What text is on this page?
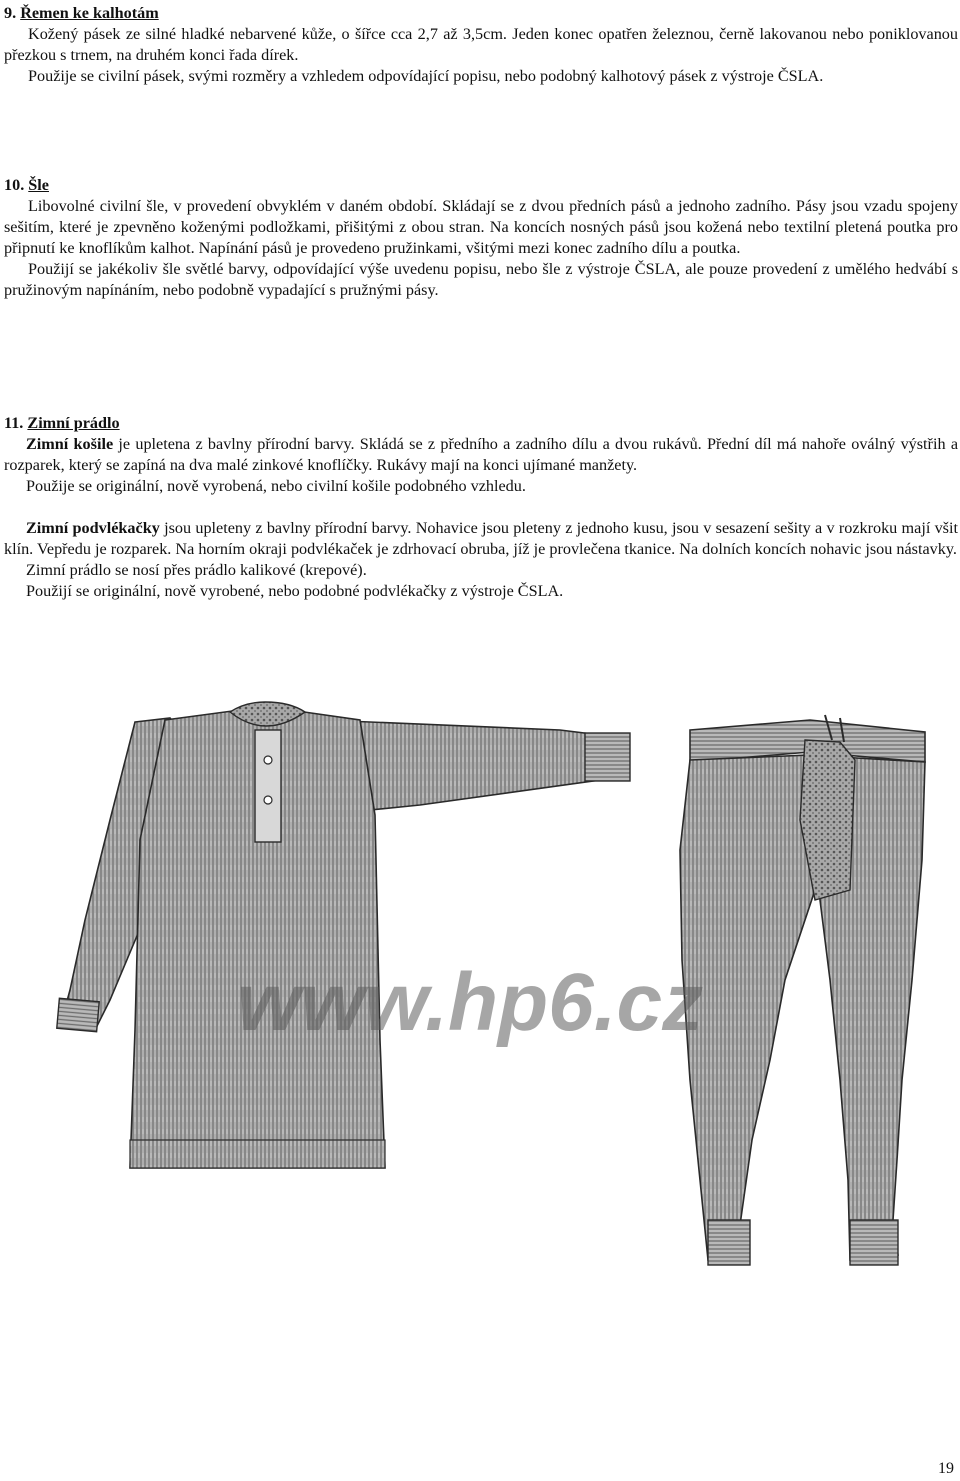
9. Řemen ke kalhotám

Kožený pásek ze silné hladké nebarvené kůže, o šířce cca 2,7 až 3,5cm. Jeden konec opatřen železnou, černě lakovanou nebo poniklovanou přezkou s trnem, na druhém konci řada dírek.

Použije se civilní pásek, svými rozměry a vzhledem odpovídající popisu, nebo podobný kalhotový pásek z výstroje ČSLA.

10. Šle

Libovolné civilní šle, v provedení obvyklém v daném období. Skládají se z dvou předních pásů a jednoho zadního. Pásy jsou vzadu spojeny sešitím, které je zpevněno koženými podložkami, přišitými z obou stran. Na koncích nosných pásů jsou kožená nebo textilní pletená poutka pro připnutí ke knoflíkům kalhot. Napínání pásů je provedeno pružinkami, všitými mezi konec zadního dílu a poutka.

Použijí se jakékoliv šle světlé barvy, odpovídající výše uvedenu popisu, nebo šle z výstroje ČSLA, ale pouze provedení z umělého hedvábí s pružinovým napínáním, nebo podobně vypadající s pružnými pásy.

11. Zimní prádlo

Zimní košile je upletena z bavlny přírodní barvy. Skládá se z předního a zadního dílu a dvou rukávů. Přední díl má nahoře oválný výstřih a rozparek, který se zapíná na dva malé zinkové knoflíčky. Rukávy mají na konci ujímané manžety.

Použije se originální, nově vyrobená, nebo civilní košile podobného vzhledu.

Zimní podvlékačky jsou upleteny z bavlny přírodní barvy. Nohavice jsou pleteny z jednoho kusu, jsou v sesazení sešity a v rozkroku mají všit klín. Vepředu je rozparek. Na horním okraji podvlékaček je zdrhovací obruba, jíž je provlečena tkanice. Na dolních koncích nohavic jsou nástavky.

Zimní prádlo se nosí přes prádlo kalikové (krepové).

Použijí se originální, nově vyrobené, nebo podobné podvlékačky z výstroje ČSLA.

www.hp6.cz
19
